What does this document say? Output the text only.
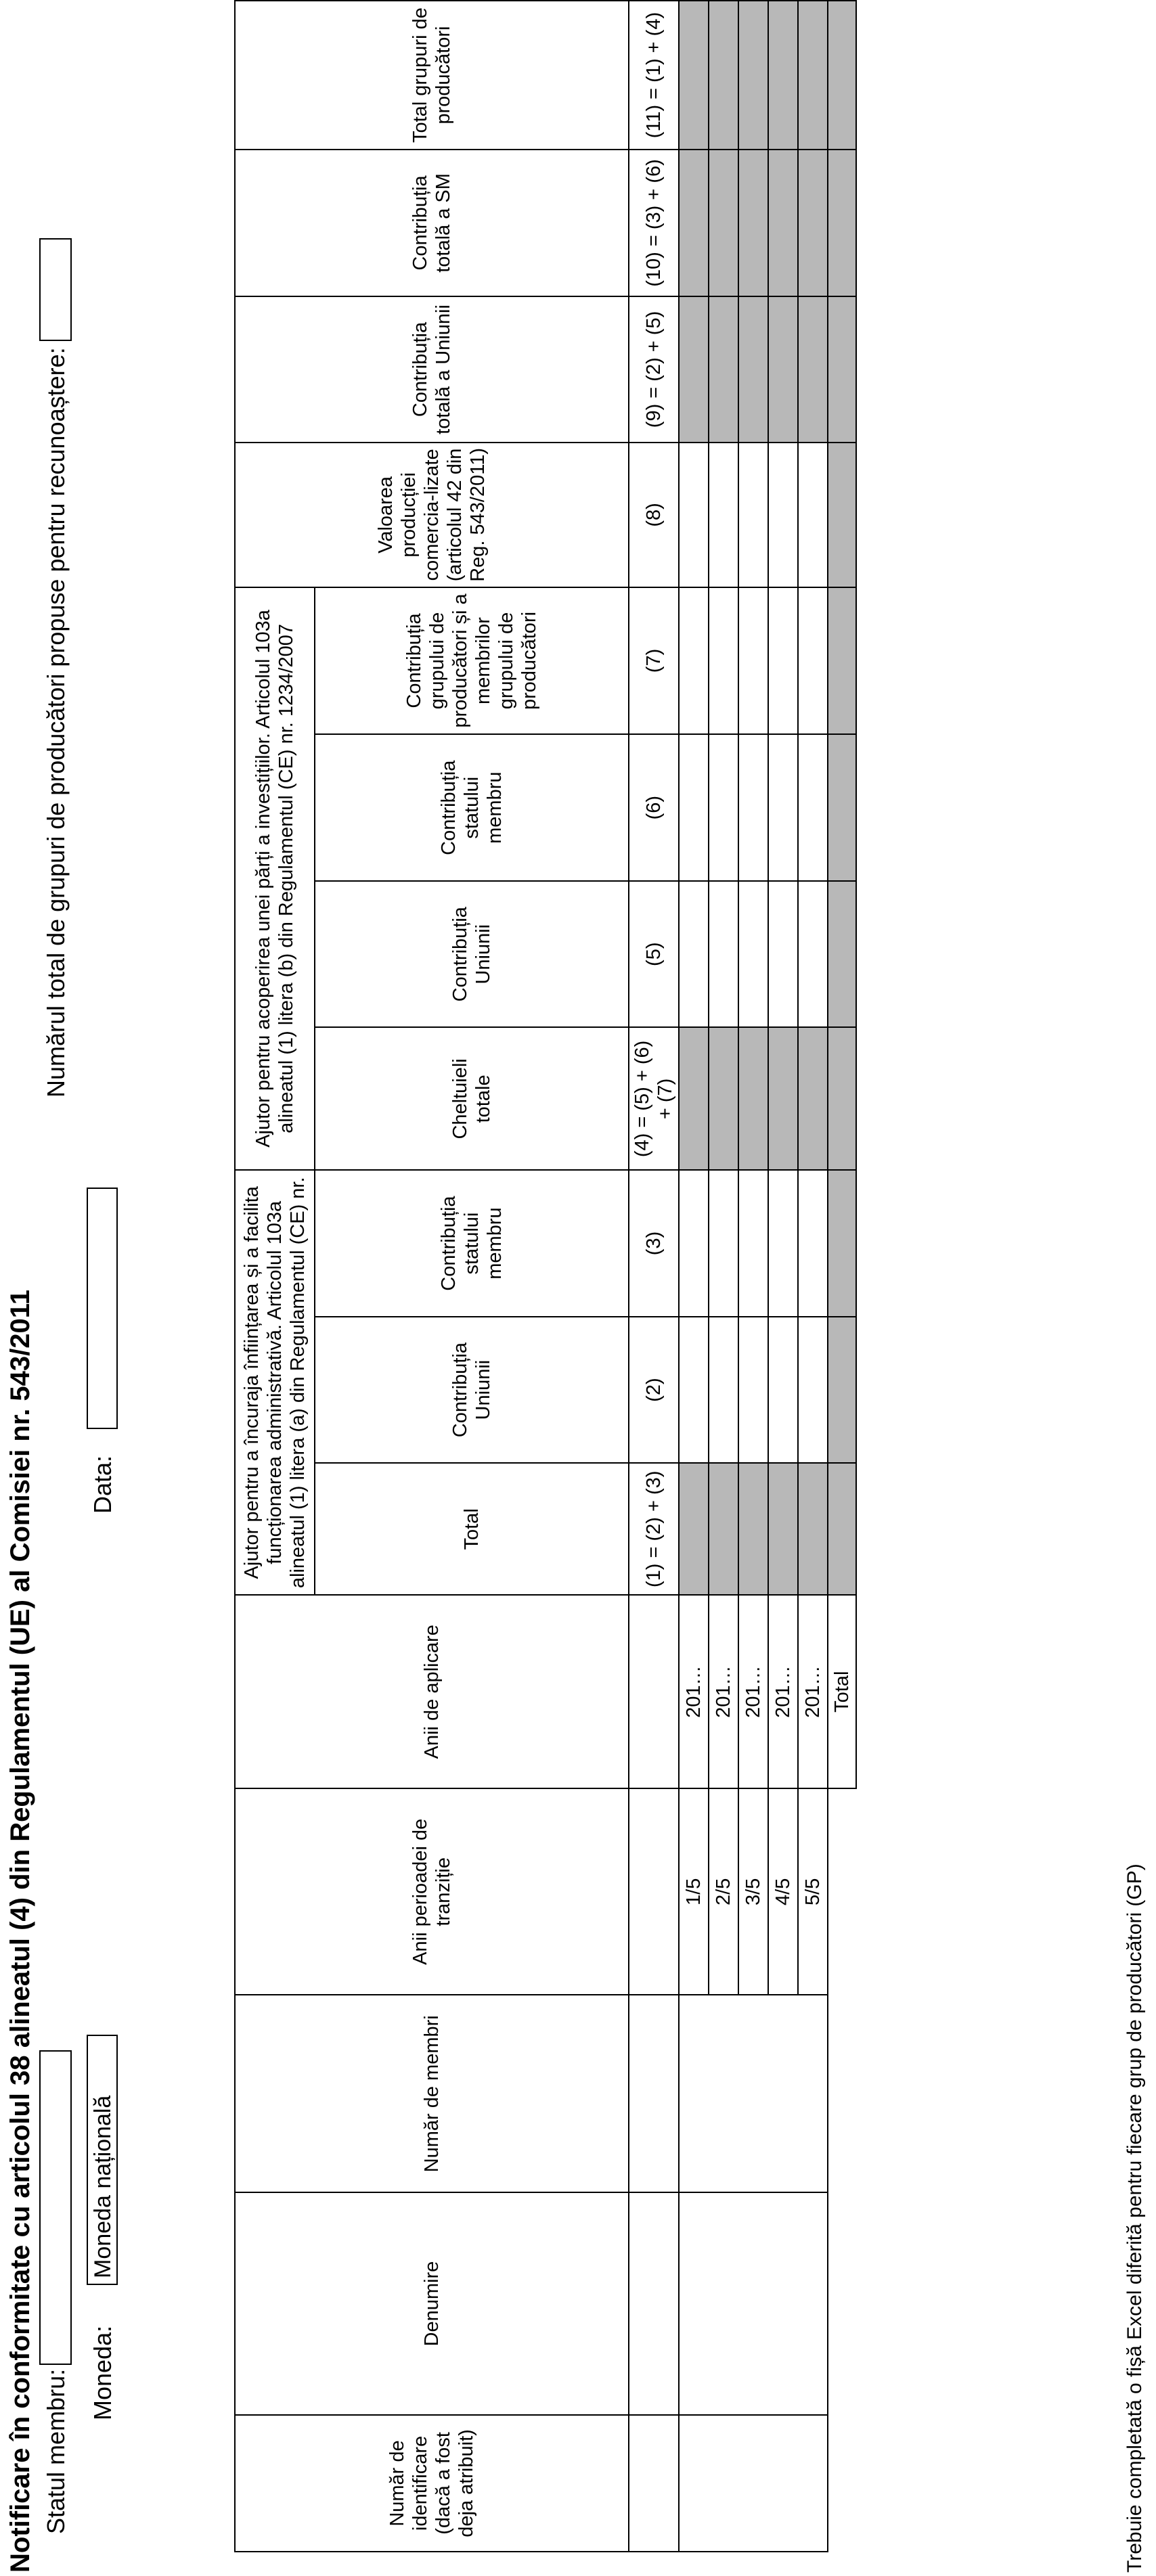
Notificare în conformitate cu articolul 38 alineatul (4) din Regulamentul (UE) al Comisiei nr. 543/2011 Statul membru:
Numărul total de grupuri de producători propuse pentru recunoaștere:
Moneda:
Moneda națională
Data:
Număr de identificare (dacă a fost deja atribuit)	Denumire	Număr de membri	Anii perioadei de tranziție	Anii de aplicare	Ajutor pentru a încuraja înființarea și a facilita funcționarea administrativă. Articolul 103a alineatul (1) litera (a) din Regulamentul (CE) nr.			Ajutor pentru acoperirea unei părți a investițiilor. Articolul 103a alineatul (1) litera (b) din Regulamentul (CE) nr. 1234/2007				Valoarea producției comercia-lizate (articolul 42 din Reg. 543/2011)	Contribuția totală a Uniunii	Contribuția totală a SM	Total grupuri de producători
					Total	Contribuția Uniunii	Contribuția statului membru	Cheltuieli totale	Contribuția Uniunii	Contribuția statului membru	Contribuția grupului de producători și a membrilor grupului de producători				
					(1) = (2) + (3)	(2)	(3)	(4) = (5) + (6) + (7)	(5)	(6)	(7)	(8)	(9) = (2) + (5)	(10) = (3) + (6)	(11) = (1) + (4)
			1/5	201…											
			2/5	201…											
			3/5	201…											
			4/5	201…											
			5/5	201…											
				Total											
Trebuie completată o fișă Excel diferită pentru fiecare grup de producători (GP)
